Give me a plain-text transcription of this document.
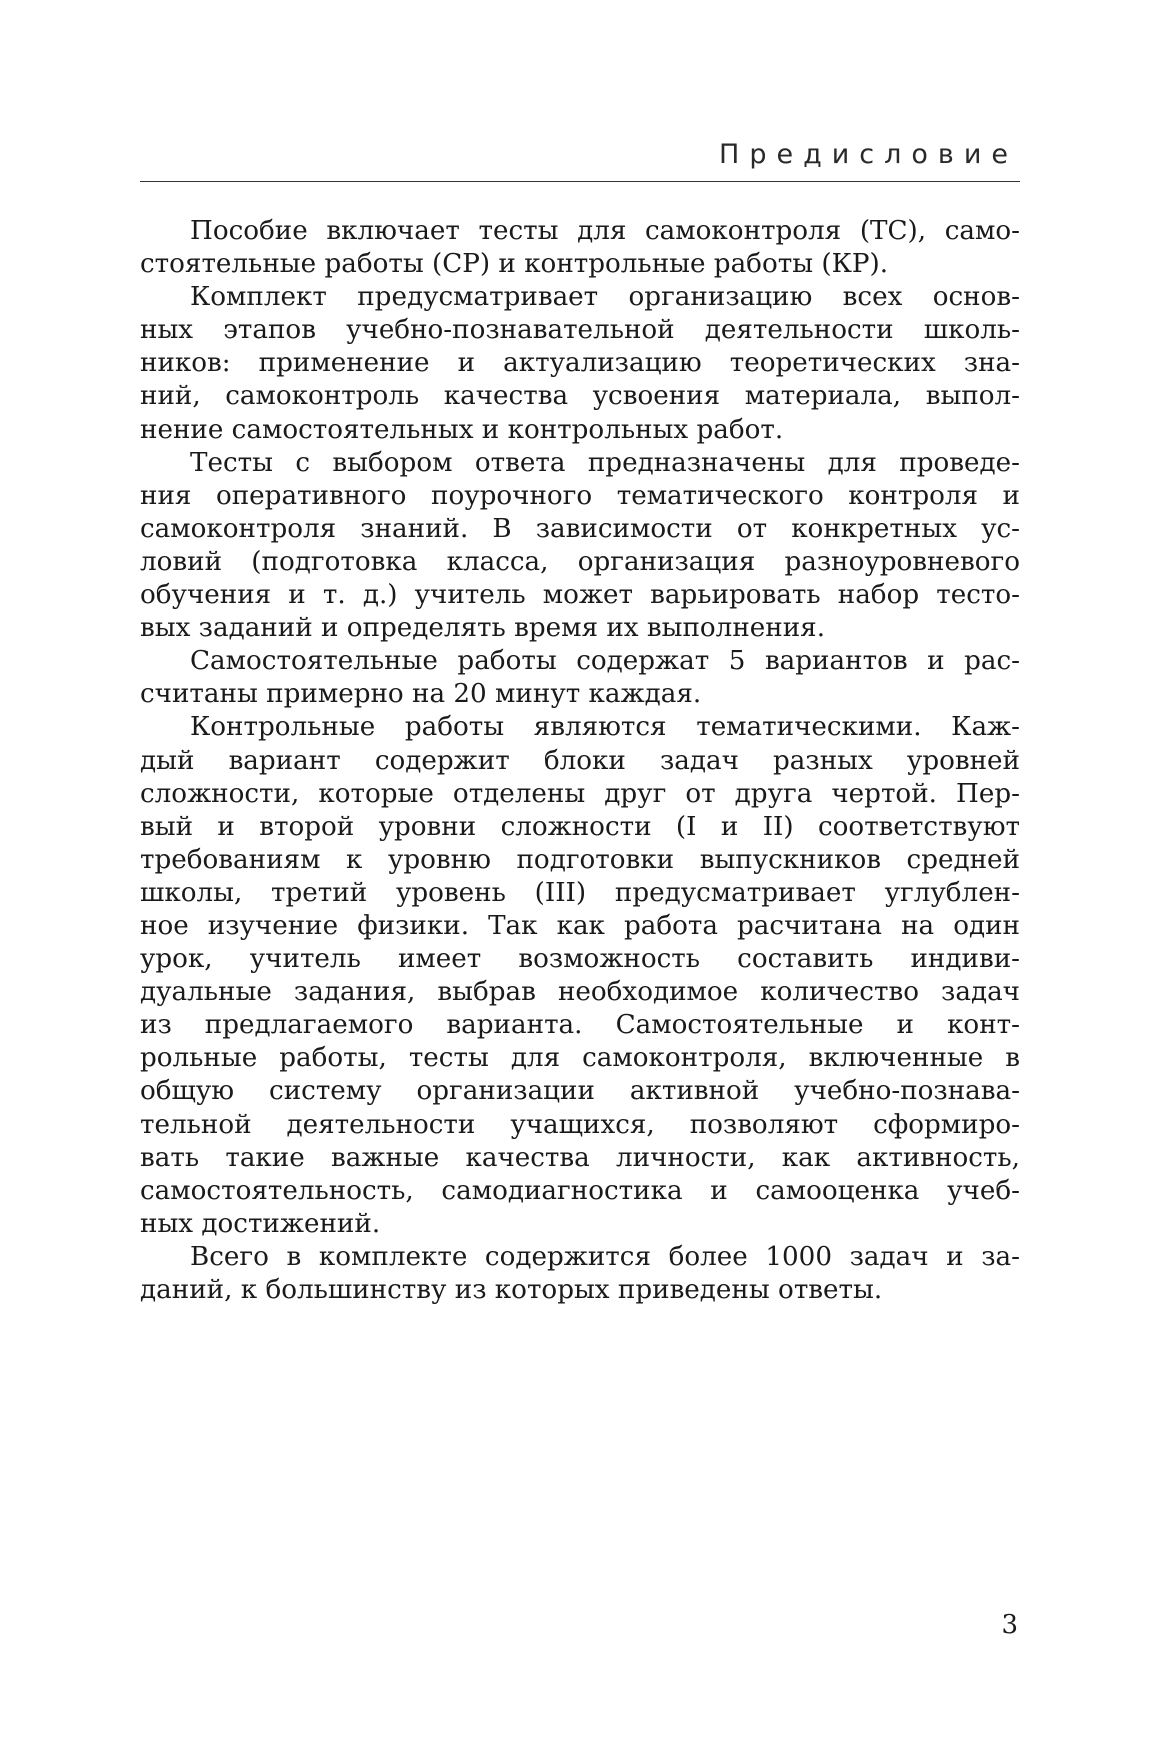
Предисловие
Пособие включает тесты для самоконтроля (ТС), само-
стоятельные работы (СР) и контрольные работы (КР).
Комплект предусматривает организацию всех основ-
ных этапов учебно-познавательной деятельности школь-
ников: применение и актуализацию теоретических зна-
ний, самоконтроль качества усвоения материала, выпол-
нение самостоятельных и контрольных работ.
Тесты с выбором ответа предназначены для проведе-
ния оперативного поурочного тематического контроля и
самоконтроля знаний. В зависимости от конкретных ус-
ловий (подготовка класса, организация разноуровневого
обучения и т. д.) учитель может варьировать набор тесто-
вых заданий и определять время их выполнения.
Самостоятельные работы содержат 5 вариантов и рас-
считаны примерно на 20 минут каждая.
Контрольные работы являются тематическими. Каж-
дый вариант содержит блоки задач разных уровней
сложности, которые отделены друг от друга чертой. Пер-
вый и второй уровни сложности (I и II) соответствуют
требованиям к уровню подготовки выпускников средней
школы, третий уровень (III) предусматривает углублен-
ное изучение физики. Так как работа расчитана на один
урок, учитель имеет возможность составить индиви-
дуальные задания, выбрав необходимое количество задач
из предлагаемого варианта. Самостоятельные и конт-
рольные работы, тесты для самоконтроля, включенные в
общую систему организации активной учебно-познава-
тельной деятельности учащихся, позволяют сформиро-
вать такие важные качества личности, как активность,
самостоятельность, самодиагностика и самооценка учеб-
ных достижений.
Всего в комплекте содержится более 1000 задач и за-
даний, к большинству из которых приведены ответы.
3
